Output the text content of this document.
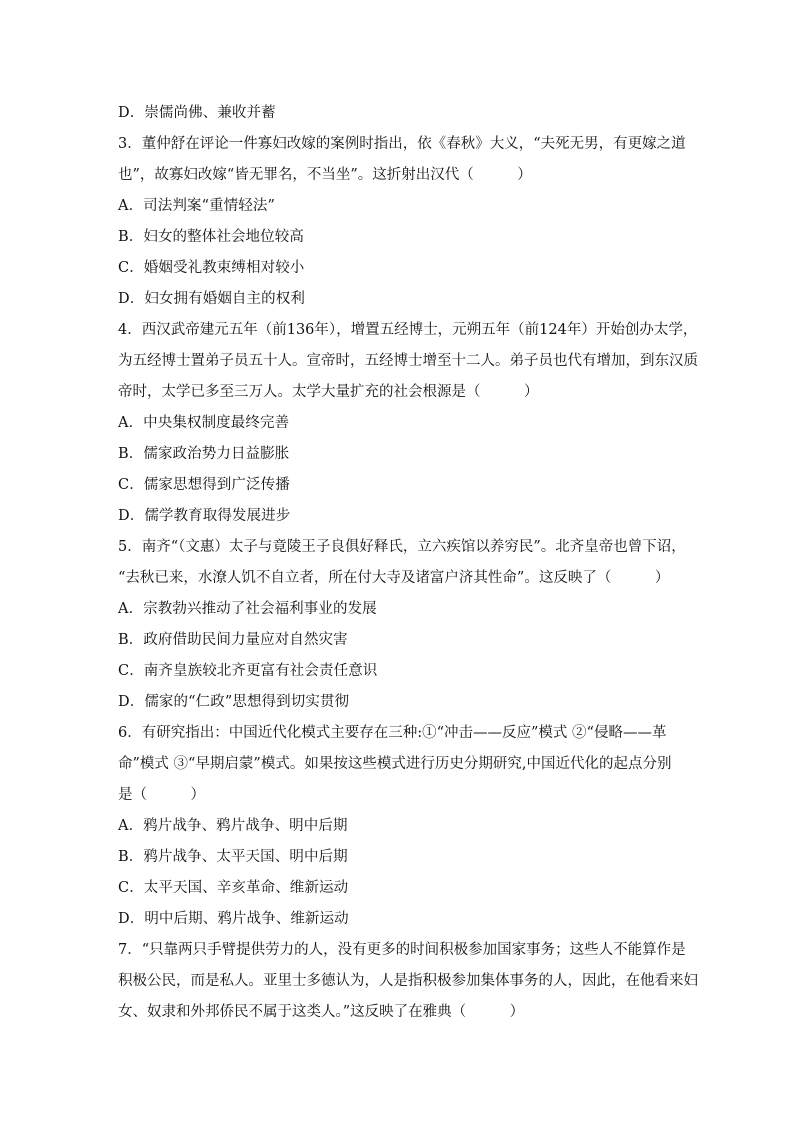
D．崇儒尚佛、兼收并蓄
3．董仲舒在评论一件寡妇改嫁的案例时指出，依《春秋》大义，“夫死无男，有更嫁之道
也”，故寡妇改嫁“皆无罪名，不当坐”。这折射出汉代（　　　）
A．司法判案“重情轻法”
B．妇女的整体社会地位较高
C．婚姻受礼教束缚相对较小
D．妇女拥有婚姻自主的权利
4．西汉武帝建元五年（前136年），增置五经博士，元朔五年（前124年）开始创办太学，
为五经博士置弟子员五十人。宣帝时，五经博士增至十二人。弟子员也代有增加，到东汉质
帝时，太学已多至三万人。太学大量扩充的社会根源是（　　　）
A．中央集权制度最终完善
B．儒家政治势力日益膨胀
C．儒家思想得到广泛传播
D．儒学教育取得发展进步
5．南齐“（文惠）太子与竟陵王子良俱好释氏，立六疾馆以养穷民”。北齐皇帝也曾下诏，
“去秋已来，水潦人饥不自立者，所在付大寺及诸富户济其性命”。这反映了（　　　）
A．宗教勃兴推动了社会福利事业的发展
B．政府借助民间力量应对自然灾害
C．南齐皇族较北齐更富有社会责任意识
D．儒家的“仁政”思想得到切实贯彻
6．有研究指出：中国近代化模式主要存在三种:①“冲击——反应”模式 ②“侵略——革
命”模式 ③“早期启蒙”模式。如果按这些模式进行历史分期研究,中国近代化的起点分别
是（　　　）
A．鸦片战争、鸦片战争、明中后期
B．鸦片战争、太平天国、明中后期
C．太平天国、辛亥革命、维新运动
D．明中后期、鸦片战争、维新运动
7．“只靠两只手臂提供劳力的人，没有更多的时间积极参加国家事务；这些人不能算作是
积极公民，而是私人。亚里士多德认为，人是指积极参加集体事务的人，因此，在他看来妇
女、奴隶和外邦侨民不属于这类人。”这反映了在雅典（　　　）
